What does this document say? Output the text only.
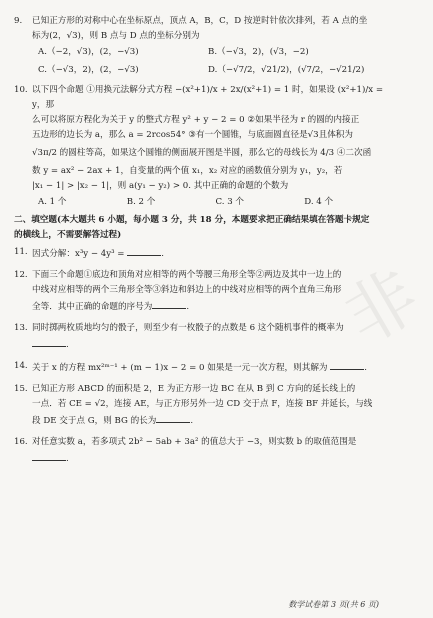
9. 已知正方形的对称中心在坐标原点，顶点 A，B，C，D 按逆时针依次排列，若 A 点的坐
标为(2，√3)，则 B 点与 D 点的坐标分别为
A.（−2，√3)，(2，−√3)	B.（−√3，2)，(√3，−2)
C.（−√3，2)，(2，−√3)	D.（−√7/2，√21/2)，(√7/2，−√21/2)
10. 以下四个命题 ①用换元法解分式方程 −(x²+1)/x + 2x/(x²+1) = 1 时，如果设 (x²+1)/x = y，那
么可以将原方程化为关于 y 的整式方程 y² + y − 2 = 0 ②如果半径为 r 的圆的内接正
五边形的边长为 a，那么 a = 2rcos54° ③有一个圆锥，与底面圆直径是√3且体积为
√3π/2 的圆柱等高，如果这个圆锥的侧面展开图是半圆，那么它的母线长为 4/3 ④二次函
数 y = ax² − 2ax + 1，自变量的两个值 x₁，x₂ 对应的函数值分别为 y₁，y₂，若
|x₁ − 1| > |x₂ − 1|，则 a(y₁ − y₂) > 0. 其中正确的命题的个数为
A. 1 个	B. 2 个	C. 3 个	D. 4 个
二、填空题(本大题共 6 小题，每小题 3 分，共 18 分，本题要求把正确结果填在答题卡规定
的横线上，不需要解答过程)
11. 因式分解：x³y − 4y³ =	.
12. 下面三个命题①底边和顶角对应相等的两个等腰三角形全等②两边及其中一边上的
中线对应相等的两个三角形全等③斜边和斜边上的中线对应相等的两个直角三角形
全等．其中正确的命题的序号为	.
13. 同时掷两枚质地均匀的骰子，则至少有一枚骰子的点数是 6 这个随机事件的概率为
.
14. 关于 x 的方程 mx²ᵐ⁻¹ + (m − 1)x − 2 = 0 如果是一元一次方程，则其解为	.
15. 已知正方形 ABCD 的面积是 2，E 为正方形一边 BC 在从 B 到 C 方向的延长线上的
一点．若 CE = √2，连接 AE，与正方形另外一边 CD 交于点 F，连接 BF 并延长，与线
段 DE 交于点 G，则 BG 的长为	.
16. 对任意实数 a，若多项式 2b² − 5ab + 3a² 的值总大于 −3，则实数 b 的取值范围是
.
非
数学试卷第 3 页(共 6 页)
